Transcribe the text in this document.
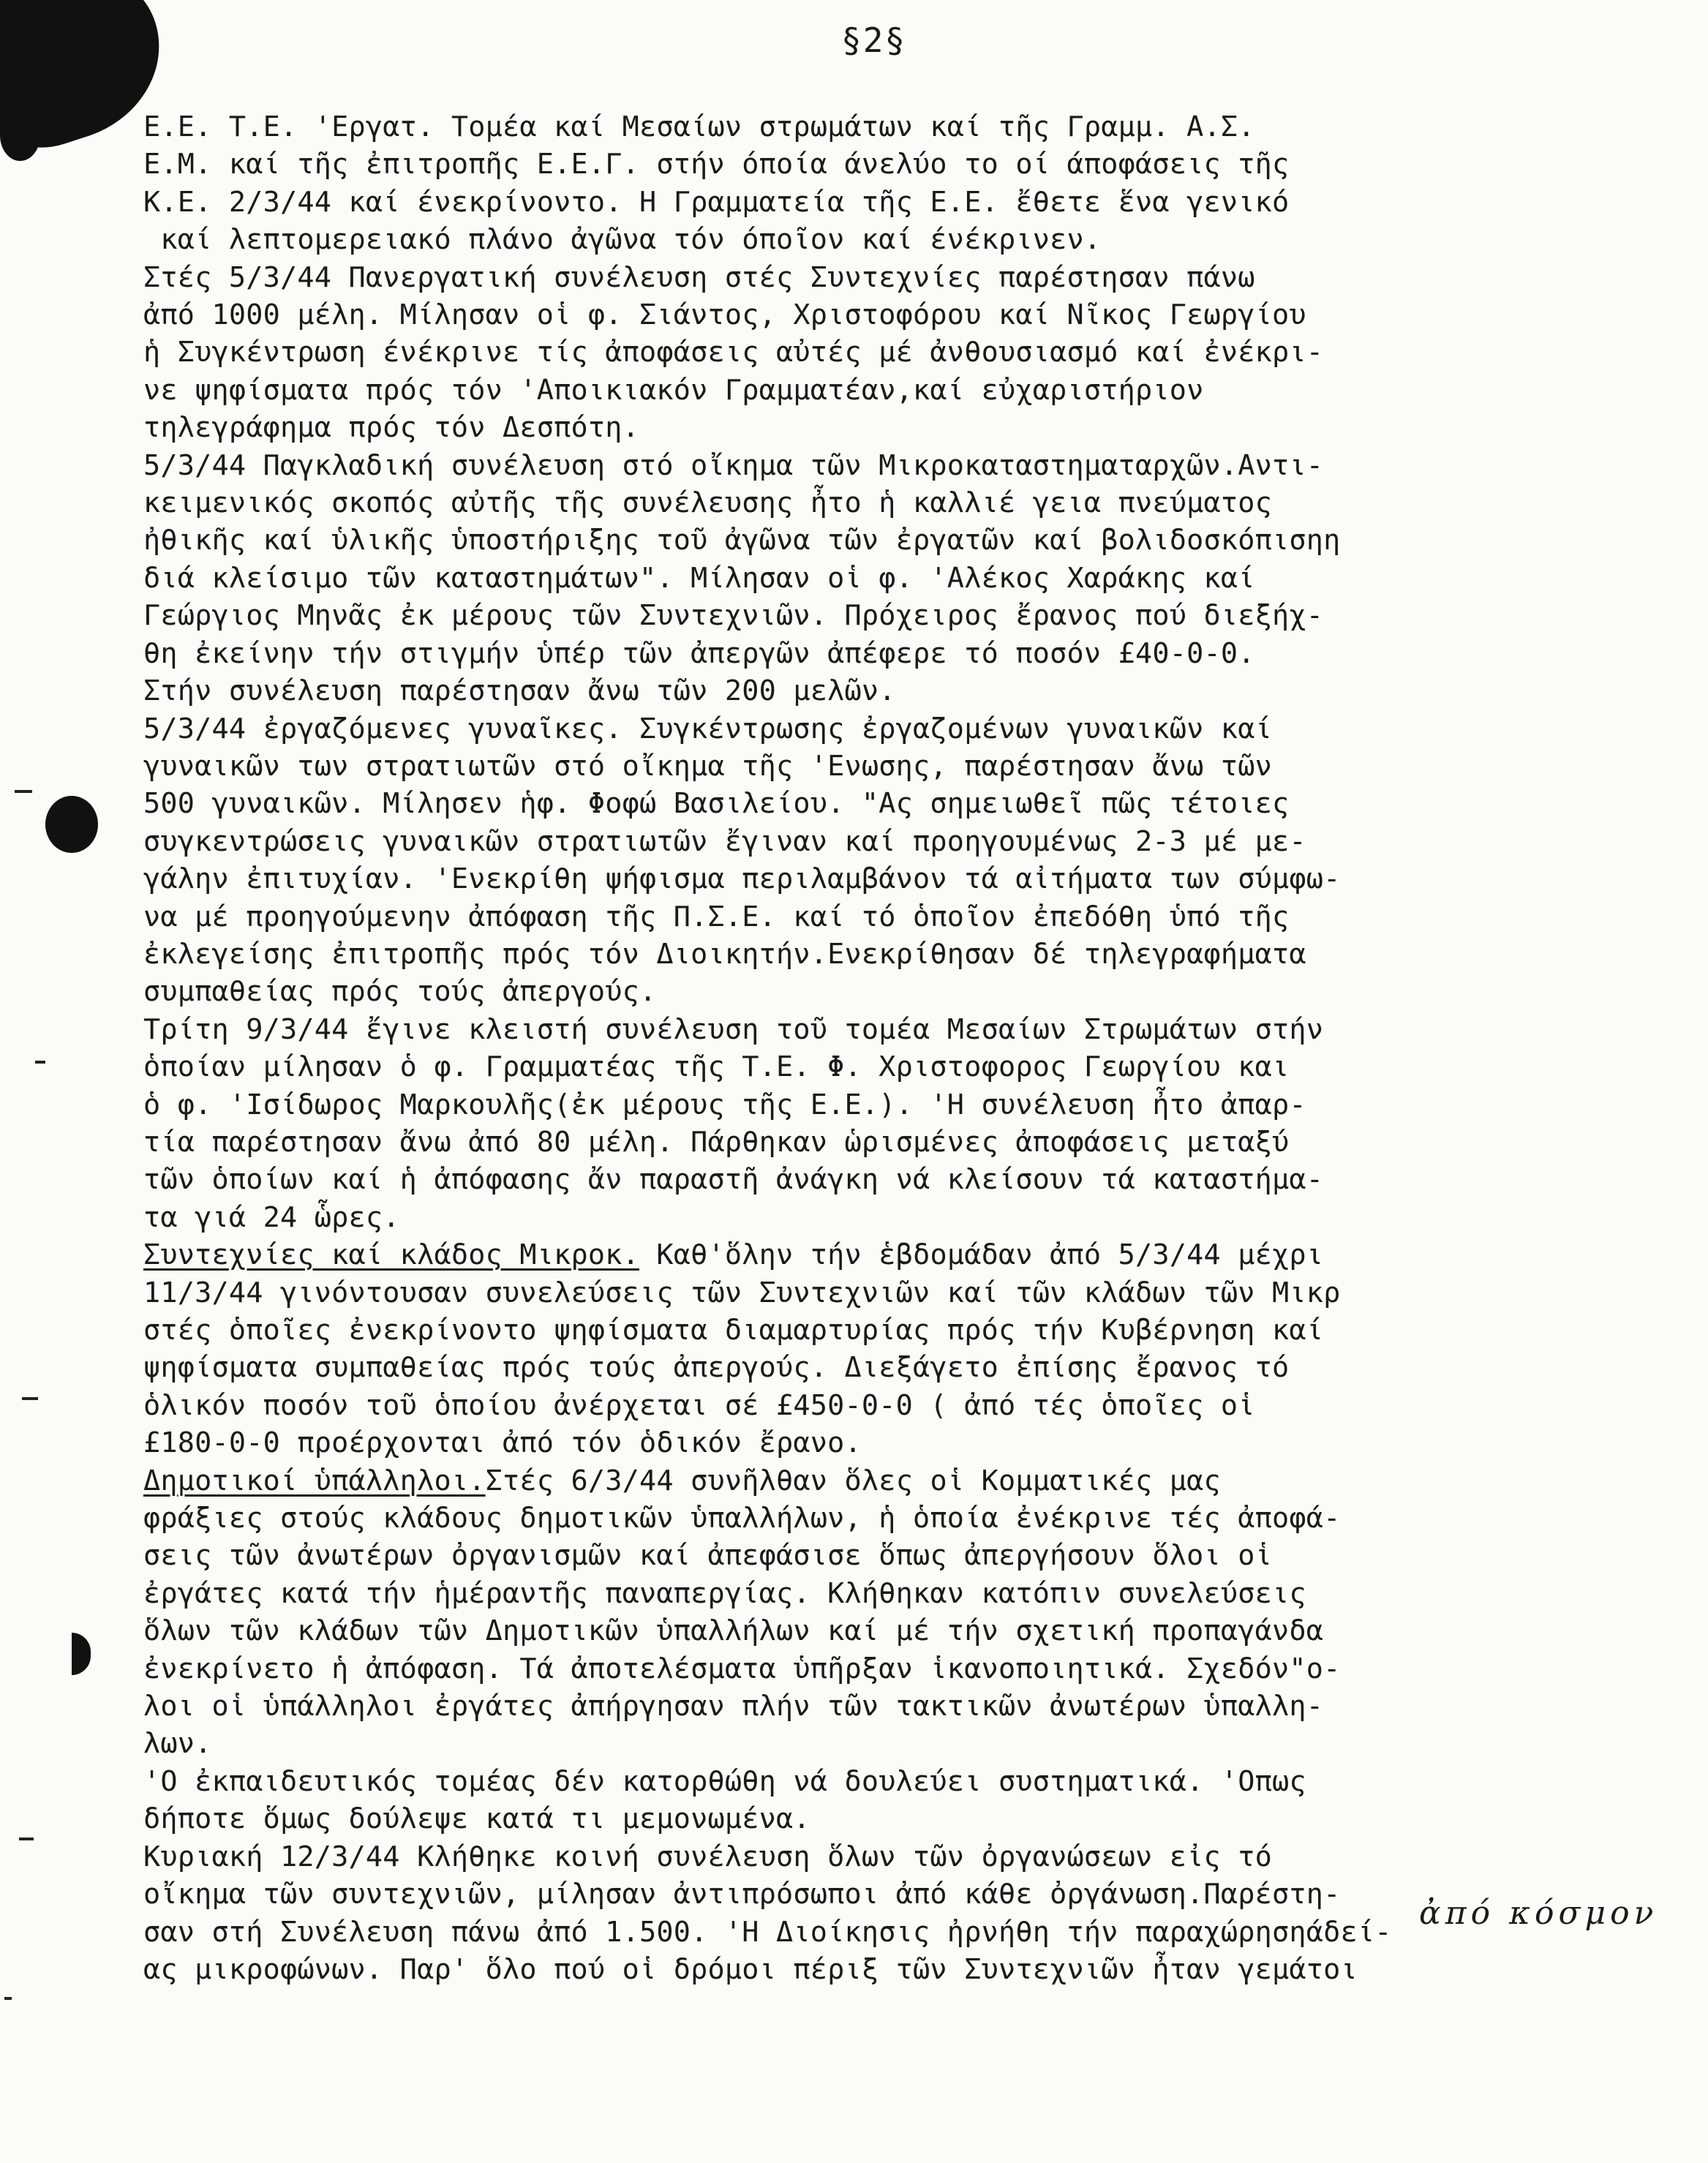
§2§
Ε.Ε. Τ.Ε. 'Εργατ. Τομέα καί Μεσαίων στρωμάτων καί τῆς Γραμμ. Α.Σ.
Ε.Μ. καί τῆς ἐπιτροπῆς Ε.Ε.Γ. στήν όποία άνελύο το οί άποφάσεις τῆς
Κ.Ε. 2/3/44 καί ένεκρίνοντο. Η Γραμματεία τῆς Ε.Ε. ἔθετε ἕνα γενικό
καί λεπτομερειακό πλάνο ἀγῶνα τόν όποῖον καί ένέκρινεν.
Στές 5/3/44 Πανεργατική συνέλευση στές Συντεχνίες παρέστησαν πάνω
ἀπό 1000 μέλη. Μίλησαν οἱ φ. Σιάντος, Χριστοφόρου καί Νῖκος Γεωργίου
ἡ Συγκέντρωση ένέκρινε τίς ἀποφάσεις αὐτές μέ ἀνθουσιασμό καί ἐνέκρι-
νε ψηφίσματα πρός τόν 'Αποικιακόν Γραμματέαν,καί εὐχαριστήριον
τηλεγράφημα πρός τόν Δεσπότη.
5/3/44 Παγκλαδική συνέλευση στό οἴκημα τῶν Μικροκαταστηματαρχῶν.Αντι-
κειμενικός σκοπός αὐτῆς τῆς συνέλευσης ἦτο ἡ καλλιέ γεια πνεύματος
ἠθικῆς καί ὑλικῆς ὑποστήριξης τοῦ ἀγῶνα τῶν ἐργατῶν καί βολιδοσκόπισηη
διά κλείσιμο τῶν καταστημάτων". Μίλησαν οἱ φ. 'Αλέκος Χαράκης καί
Γεώργιος Μηνᾶς ἐκ μέρους τῶν Συντεχνιῶν. Πρόχειρος ἔρανος πού διεξήχ-
θη ἐκείνην τήν στιγμήν ὑπέρ τῶν ἀπεργῶν ἀπέφερε τό ποσόν £40-0-0.
Στήν συνέλευση παρέστησαν ἄνω τῶν 200 μελῶν.
5/3/44 ἐργαζόμενες γυναῖκες. Συγκέντρωσης ἐργαζομένων γυναικῶν καί
γυναικῶν των στρατιωτῶν στό οἴκημα τῆς 'Ενωσης, παρέστησαν ἄνω τῶν
500 γυναικῶν. Μίλησεν ἡφ. Φοφώ Βασιλείου. "Ας σημειωθεῖ πῶς τέτοιες
συγκεντρώσεις γυναικῶν στρατιωτῶν ἔγιναν καί προηγουμένως 2-3 μέ με-
γάλην ἐπιτυχίαν. 'Ενεκρίθη ψήφισμα περιλαμβάνον τά αἰτήματα των σύμφω-
να μέ προηγούμενην ἀπόφαση τῆς Π.Σ.Ε. καί τό ὁποῖον ἐπεδόθη ὑπό τῆς
ἐκλεγείσης ἐπιτροπῆς πρός τόν Διοικητήν.Ενεκρίθησαν δέ τηλεγραφήματα
συμπαθείας πρός τούς ἀπεργούς.
Τρίτη 9/3/44 ἔγινε κλειστή συνέλευση τοῦ τομέα Μεσαίων Στρωμάτων στήν
ὁποίαν μίλησαν ὁ φ. Γραμματέας τῆς Τ.Ε. Φ. Χριστοφορος Γεωργίου και
ὁ φ. 'Ισίδωρος Μαρκουλῆς(ἐκ μέρους τῆς Ε.Ε.). 'Η συνέλευση ἦτο ἀπαρ-
τία παρέστησαν ἄνω ἀπό 80 μέλη. Πάρθηκαν ὡρισμένες ἀποφάσεις μεταξύ
τῶν ὁποίων καί ἡ ἀπόφασης ἄν παραστῆ ἀνάγκη νά κλείσουν τά καταστήμα-
τα γιά 24 ὧρες.
Συντεχνίες καί κλάδος Μικροκ. Καθ'ὅλην τήν ἑβδομάδαν ἀπό 5/3/44 μέχρι
11/3/44 γινόντουσαν συνελεύσεις τῶν Συντεχνιῶν καί τῶν κλάδων τῶν Μικρ
στές ὁποῖες ἐνεκρίνοντο ψηφίσματα διαμαρτυρίας πρός τήν Κυβέρνηση καί
ψηφίσματα συμπαθείας πρός τούς ἀπεργούς. Διεξάγετο ἐπίσης ἔρανος τό
ὁλικόν ποσόν τοῦ ὁποίου ἀνέρχεται σέ £450-0-0 ( ἀπό τές ὁποῖες οἱ
£180-0-0 προέρχονται ἀπό τόν ὁδικόν ἔρανο.
Δημοτικοί ὑπάλληλοι.Στές 6/3/44 συνῆλθαν ὅλες οἱ Κομματικές μας
φράξιες στούς κλάδους δημοτικῶν ὑπαλλήλων, ἡ ὁποία ἐνέκρινε τές ἀποφά-
σεις τῶν ἀνωτέρων ὀργανισμῶν καί ἀπεφάσισε ὅπως ἀπεργήσουν ὅλοι οἱ
ἐργάτες κατά τήν ἡμέραντῆς παναπεργίας. Κλήθηκαν κατόπιν συνελεύσεις
ὅλων τῶν κλάδων τῶν Δημοτικῶν ὑπαλλήλων καί μέ τήν σχετική προπαγάνδα
ἐνεκρίνετο ἡ ἀπόφαση. Τά ἀποτελέσματα ὑπῆρξαν ἱκανοποιητικά. Σχεδόν"ο-
λοι οἱ ὑπάλληλοι ἐργάτες ἀπήργησαν πλήν τῶν τακτικῶν ἀνωτέρων ὑπαλλη-
λων.
'Ο ἐκπαιδευτικός τομέας δέν κατορθώθη νά δουλεύει συστηματικά. 'Οπως
δήποτε ὅμως δούλεψε κατά τι μεμονωμένα.
Κυριακή 12/3/44 Κλήθηκε κοινή συνέλευση ὅλων τῶν ὀργανώσεων εἰς τό
οἴκημα τῶν συντεχνιῶν, μίλησαν ἀντιπρόσωποι ἀπό κάθε ὀργάνωση.Παρέστη-
σαν στή Συνέλευση πάνω ἀπό 1.500. 'Η Διοίκησις ἠρνήθη τήν παραχώρησηάδεί-
ας μικροφώνων. Παρ' ὅλο πού οἱ δρόμοι πέριξ τῶν Συντεχνιῶν ἦταν γεμάτοι
ἀπό κόσμον
